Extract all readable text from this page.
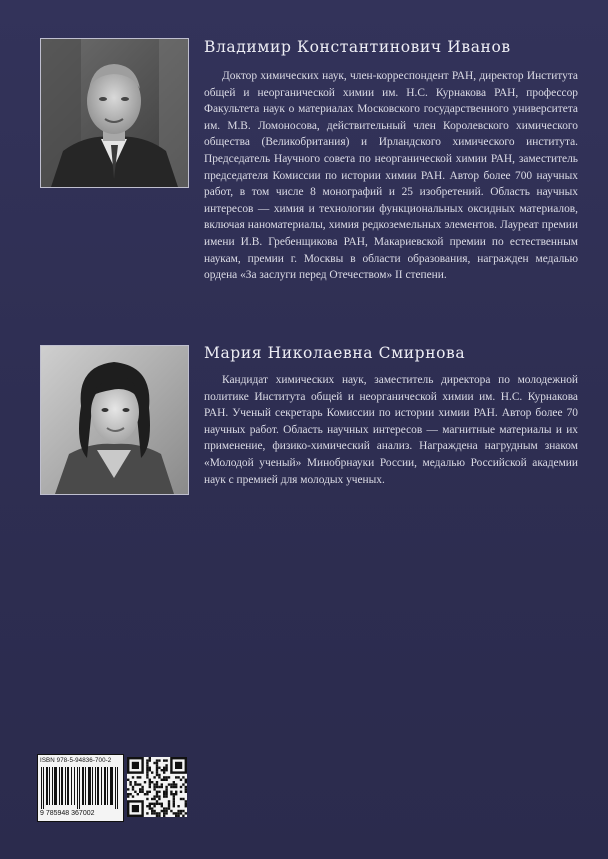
Владимир Константинович Иванов

Доктор химических наук, член-корреспондент РАН, директор Института общей и неорганической химии им. Н.С. Курнакова РАН, профессор Факультета наук о материалах Московского государственного университета им. М.В. Ломоносова, действительный член Королевского химического общества (Великобритания) и Ирландского химического института. Председатель Научного совета по неорганической химии РАН, заместитель председателя Комиссии по истории химии РАН. Автор более 700 научных работ, в том числе 8 монографий и 25 изобретений. Область научных интересов — химия и технологии функциональных оксидных материалов, включая наноматериалы, химия редкоземельных элементов. Лауреат премии имени И.В. Гребенщикова РАН, Макариевской премии по естественным наукам, премии г. Москвы в области образования, награжден медалью ордена «За заслуги перед Отечеством» II степени.

Мария Николаевна Смирнова

Кандидат химических наук, заместитель директора по молодежной политике Института общей и неорганической химии им. Н.С. Курнакова РАН. Ученый секретарь Комиссии по истории химии РАН. Автор более 70 научных работ. Область научных интересов — магнитные материалы и их применение, физико-химический анализ. Награждена нагрудным знаком «Молодой ученый» Минобрнауки России, медалью Российской академии наук с премией для молодых ученых.

ISBN 978-5-94836-700-2
9 785948 367002
